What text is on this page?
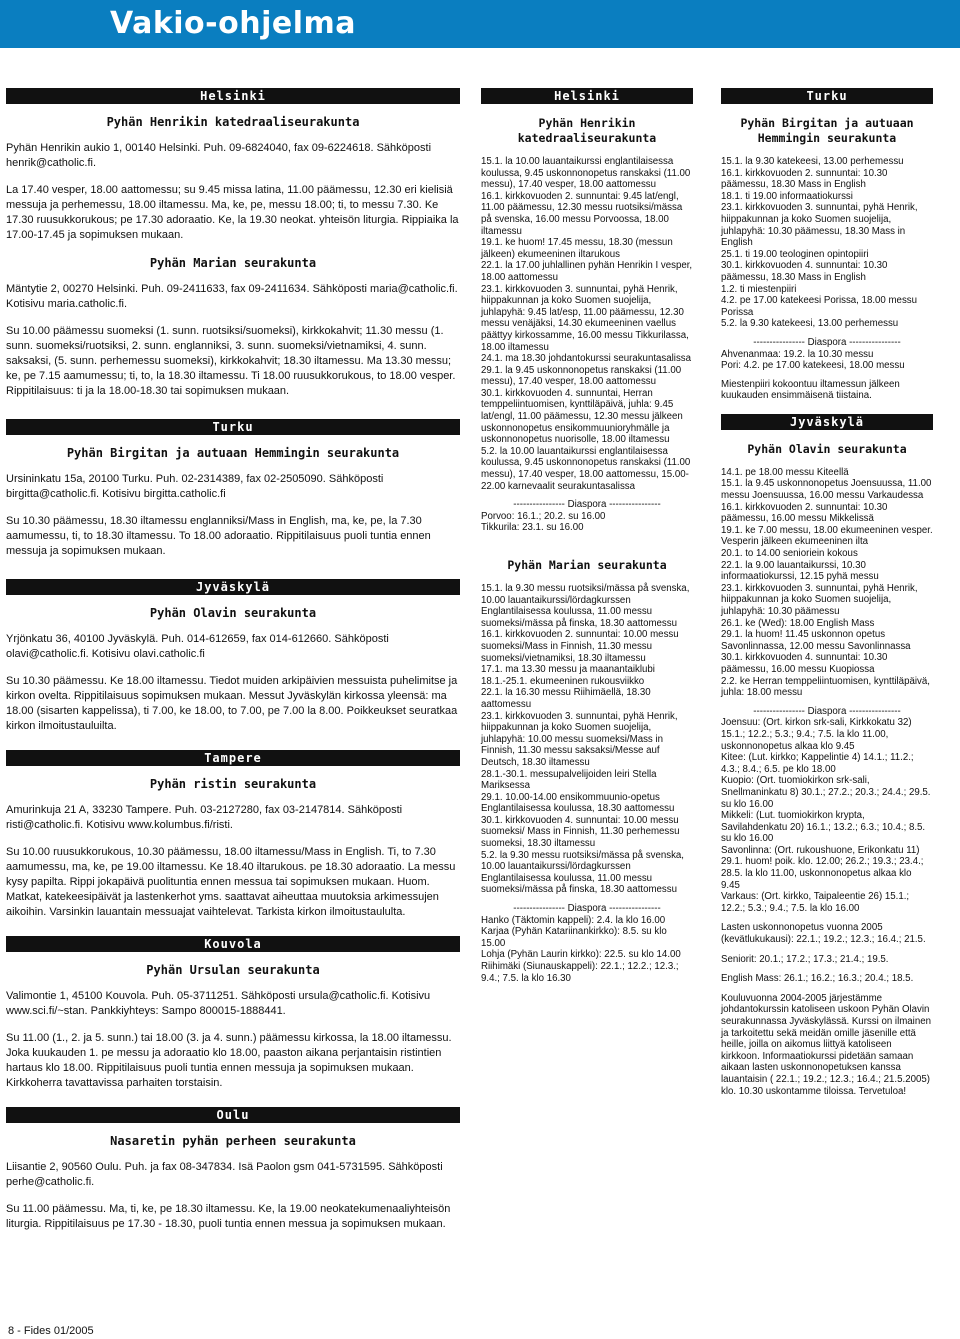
Vakio-ohjelma
Helsinki
Pyhän Henrikin katedraaliseurakunta

Pyhän Henrikin aukio 1, 00140 Helsinki. Puh. 09-6824040, fax 09-6224618. Sähköposti henrik@catholic.fi.

La 17.40 vesper, 18.00 aattomessu; su 9.45 missa latina, 11.00 päämessu, 12.30 eri kielisiä messuja ja perhemessu, 18.00 iltamessu. Ma, ke, pe, messu 18.00; ti, to messu 7.30. Ke 17.30 ruusukkorukous; pe 17.30 adoraatio. Ke, la 19.30 neokat. yhteisön liturgia. Rippiaika la 17.00-17.45 ja sopimuksen mukaan.

Pyhän Marian seurakunta

Mäntytie 2, 00270 Helsinki. Puh. 09-2411633, fax 09-2411634. Sähköposti maria@catholic.fi. Kotisivu maria.catholic.fi.

Su 10.00 päämessu suomeksi (1. sunn. ruotsiksi/suomeksi), kirkkokahvit; 11.30 messu (1. sunn. suomeksi/ruotsiksi, 2. sunn. englanniksi, 3. sunn. suomeksi/vietnamiksi, 4. sunn. saksaksi, (5. sunn. perhemessu suomeksi), kirkkokahvit; 18.30 iltamessu. Ma 13.30 messu; ke, pe 7.15 aamumessu; ti, to, la 18.30 iltamessu. Ti 18.00 ruusukkorukous, to 18.00 vesper. Rippitilaisuus: ti ja la 18.00-18.30 tai sopimuksen mukaan.

Turku
Pyhän Birgitan ja autuaan Hemmingin seurakunta

Ursininkatu 15a, 20100 Turku. Puh. 02-2314389, fax 02-2505090. Sähköposti birgitta@catholic.fi. Kotisivu birgitta.catholic.fi

Su 10.30 päämessu, 18.30 iltamessu englanniksi/Mass in English, ma, ke, pe, la 7.30 aamumessu, ti, to 18.30 iltamessu. To 18.00 adoraatio. Rippitilaisuus puoli tuntia ennen messuja ja sopimuksen mukaan.

Jyväskylä
Pyhän Olavin seurakunta

Yrjönkatu 36, 40100 Jyväskylä. Puh. 014-612659, fax 014-612660. Sähköposti olavi@catholic.fi. Kotisivu olavi.catholic.fi

Su 10.30 päämessu. Ke 18.00 iltamessu. Tiedot muiden arkipäivien messuista puhelimitse ja kirkon ovelta. Rippitilaisuus sopimuksen mukaan. Messut Jyväskylän kirkossa yleensä: ma 18.00 (sisarten kappelissa), ti 7.00, ke 18.00, to 7.00, pe 7.00 la 8.00. Poikkeukset seuratkaa kirkon ilmoitustauluilta.

Tampere
Pyhän ristin seurakunta

Amurinkuja 21 A, 33230 Tampere. Puh. 03-2127280, fax 03-2147814. Sähköposti risti@catholic.fi. Kotisivu www.kolumbus.fi/risti.

Su 10.00 ruusukkorukous, 10.30 päämessu, 18.00 iltamessu/Mass in English. Ti, to 7.30 aamumessu, ma, ke, pe 19.00 iltamessu. Ke 18.40 iltarukous. pe 18.30 adoraatio. La messu kysy papilta. Rippi jokapäivä puolituntia ennen messua tai sopimuksen mukaan. Huom. Matkat, katekeesipäivät ja lastenkerhot yms. saattavat aiheuttaa muutoksia arkimessujen aikoihin. Varsinkin lauantain messuajat vaihtelevat. Tarkista kirkon ilmoitustaululta.

Kouvola
Pyhän Ursulan seurakunta

Valimontie 1, 45100 Kouvola. Puh. 05-3711251. Sähköposti ursula@catholic.fi. Kotisivu www.sci.fi/~stan. Pankkiyhteys: Sampo 800015-1888441.

Su 11.00 (1., 2. ja 5. sunn.) tai 18.00 (3. ja 4. sunn.) päämessu kirkossa, la 18.00 iltamessu. Joka kuukauden 1. pe messu ja adoraatio klo 18.00, paaston aikana perjantaisin ristintien hartaus klo 18.00. Rippitilaisuus puoli tuntia ennen messuja ja sopimuksen mukaan. Kirkkoherra tavattavissa parhaiten torstaisin.

Oulu
Nasaretin pyhän perheen seurakunta

Liisantie 2, 90560 Oulu. Puh. ja fax 08-347834. Isä Paolon gsm 041-5731595. Sähköposti perhe@catholic.fi.

Su 11.00 päämessu. Ma, ti, ke, pe 18.30 iltamessu. Ke, la 19.00 neokatekumenaaliyhteisön liturgia. Rippitilaisuus pe 17.30 - 18.30, puoli tuntia ennen messua ja sopimuksen mukaan.

Helsinki
Pyhän Henrikin katedraaliseurakunta

15.1. la 10.00 lauantaikurssi englantilaisessa koulussa, 9.45 uskonnonopetus ranskaksi (11.00 messu), 17.40 vesper, 18.00 aattomessu

16.1. kirkkovuoden 2. sunnuntai: 9.45 lat/engl, 11.00 päämessu, 12.30 messu ruotsiksi/mässa på svenska, 16.00 messu Porvoossa, 18.00 iltamessu

19.1. ke huom! 17.45 messu, 18.30 (messun jälkeen) ekumeeninen iltarukous

22.1. la 17.00 juhlallinen pyhän Henrikin I vesper, 18.00 aattomessu

23.1. kirkkovuoden 3. sunnuntai, pyhä Henrik, hiippakunnan ja koko Suomen suojelija, juhlapyhä: 9.45 lat/esp, 11.00 päämessu, 12.30 messu venäjäksi, 14.30 ekumeeninen vaellus päättyy kirkossamme, 16.00 messu Tikkurilassa, 18.00 iltamessu

24.1. ma 18.30 johdantokurssi seurakuntasalissa

29.1. la 9.45 uskonnonopetus ranskaksi (11.00 messu), 17.40 vesper, 18.00 aattomessu

30.1. kirkkovuoden 4. sunnuntai, Herran temppeliintuomisen, kynttiläpäivä, juhla: 9.45 lat/engl, 11.00 päämessu, 12.30 messu jälkeen uskonnonopetus ensikommuunioryhmälle ja uskonnonopetus nuorisolle, 18.00 iltamessu

5.2. la 10.00 lauantaikurssi englantilaisessa koulussa, 9.45 uskonnonopetus ranskaksi (11.00 messu), 17.40 vesper, 18.00 aattomessu, 15.00-22.00 karnevaalit seurakuntasalissa

---------------- Diaspora ----------------

Porvoo: 16.1.; 20.2. su 16.00

Tikkurila: 23.1. su 16.00

Pyhän Marian seurakunta

15.1. la 9.30 messu ruotsiksi/mässa på svenska, 10.00 lauantaikurssi/lördagkurssen Englantilaisessa koulussa, 11.00 messu suomeksi/mässa på finska, 18.30 aattomessu

16.1. kirkkovuoden 2. sunnuntai: 10.00 messu suomeksi/Mass in Finnish, 11.30 messu suomeksi/vietnamiksi, 18.30 iltamessu

17.1. ma 13.30 messu ja maanantaiklubi

18.1.-25.1. ekumeeninen rukousviikko

22.1. la 16.30 messu Riihimäellä, 18.30 aattomessu

23.1. kirkkovuoden 3. sunnuntai, pyhä Henrik, hiippakunnan ja koko Suomen suojelija, juhlapyhä: 10.00 messu suomeksi/Mass in Finnish, 11.30 messu saksaksi/Messe auf Deutsch, 18.30 iltamessu

28.1.-30.1. messupalvelijoiden leiri Stella Mariksessa

29.1. 10.00-14.00 ensikommuunio-opetus Englantilaisessa koulussa, 18.30 aattomessu

30.1. kirkkovuoden 4. sunnuntai: 10.00 messu suomeksi/ Mass in Finnish, 11.30 perhemessu suomeksi, 18.30 iltamessu

5.2. la 9.30 messu ruotsiksi/mässa på svenska, 10.00 lauantaikurssi/lördagkurssen Englantilaisessa koulussa, 11.00 messu suomeksi/mässa på finska, 18.30 aattomessu

---------------- Diaspora ----------------

Hanko (Täktomin kappeli): 2.4. la klo 16.00

Karjaa (Pyhän Katariinankirkko): 8.5. su klo 15.00

Lohja (Pyhän Laurin kirkko): 22.5. su klo 14.00

Riihimäki (Siunauskappeli): 22.1.; 12.2.; 12.3.; 9.4.; 7.5. la klo 16.30

Turku
Pyhän Birgitan ja autuaan Hemmingin seurakunta

15.1. la 9.30 katekeesi, 13.00 perhemessu

16.1. kirkkovuoden 2. sunnuntai: 10.30 päämessu, 18.30 Mass in English

18.1. ti 19.00 informaatiokurssi

23.1. kirkkovuoden 3. sunnuntai, pyhä Henrik, hiippakunnan ja koko Suomen suojelija, juhlapyhä: 10.30 päämessu, 18.30 Mass in English

25.1. ti 19.00 teologinen opintopiiri

30.1. kirkkovuoden 4. sunnuntai: 10.30 päämessu, 18.30 Mass in English

1.2. ti miestenpiiri

4.2. pe 17.00 katekeesi Porissa, 18.00 messu Porissa

5.2. la 9.30 katekeesi, 13.00 perhemessu

---------------- Diaspora ----------------

Ahvenanmaa: 19.2. la 10.30 messu

Pori: 4.2. pe 17.00 katekeesi, 18.00 messu

Miestenpiiri kokoontuu iltamessun jälkeen kuukauden ensimmäisenä tiistaina.

Jyväskylä
Pyhän Olavin seurakunta

14.1. pe 18.00 messu Kiteellä

15.1. la 9.45 uskonnonopetus Joensuussa, 11.00 messu Joensuussa, 16.00 messu Varkaudessa

16.1. kirkkovuoden 2. sunnuntai: 10.30 päämessu, 16.00 messu Mikkelissä

19.1. ke 7.00 messu, 18.00 ekumeeninen vesper. Vesperin jälkeen ekumeeninen ilta

20.1. to 14.00 senioriein kokous

22.1. la 9.00 lauantaikurssi, 10.30 informaatiokurssi, 12.15 pyhä messu

23.1. kirkkovuoden 3. sunnuntai, pyhä Henrik, hiippakunnan ja koko Suomen suojelija, juhlapyhä: 10.30 päämessu

26.1. ke (Wed): 18.00 English Mass

29.1. la huom! 11.45 uskonnon opetus Savonlinnassa, 12.00 messu Savonlinnassa

30.1. kirkkovuoden 4. sunnuntai: 10.30 päämessu, 16.00 messu Kuopiossa

2.2. ke Herran temppeliintuomisen, kynttiläpäivä, juhla: 18.00 messu

---------------- Diaspora ----------------

Joensuu: (Ort. kirkon srk-sali, Kirkkokatu 32) 15.1.; 12.2.; 5.3.; 9.4.; 7.5. la klo 11.00, uskonnonopetus alkaa klo 9.45

Kitee: (Lut. kirkko; Kappelintie 4) 14.1.; 11.2.; 4.3.; 8.4.; 6.5. pe klo 18.00

Kuopio: (Ort. tuomiokirkon srk-sali, Snellmaninkatu 8) 30.1.; 27.2.; 20.3.; 24.4.; 29.5. su klo 16.00

Mikkeli: (Lut. tuomiokirkon krypta, Savilahdenkatu 20) 16.1.; 13.2.; 6.3.; 10.4.; 8.5. su klo 16.00

Savonlinna: (Ort. rukoushuone, Erikonkatu 11) 29.1. huom! poik. klo. 12.00; 26.2.; 19.3.; 23.4.; 28.5. la klo 11.00, uskonnonopetus alkaa klo 9.45

Varkaus: (Ort. kirkko, Taipaleentie 26) 15.1.; 12.2.; 5.3.; 9.4.; 7.5. la klo 16.00

Lasten uskonnonopetus vuonna 2005 (kevätlukukausi): 22.1.; 19.2.; 12.3.; 16.4.; 21.5.

Seniorit: 20.1.; 17.2.; 17.3.; 21.4.; 19.5.

English Mass: 26.1.; 16.2.; 16.3.; 20.4.; 18.5.

Kouluvuonna 2004-2005 järjestämme johdantokurssin katoliseen uskoon Pyhän Olavin seurakunnassa Jyväskylässä. Kurssi on ilmainen ja tarkoitettu sekä meidän omille jäsenille että heille, joilla on aikomus liittyä katoliseen kirkkoon. Informaatiokurssi pidetään samaan aikaan lasten uskonnonopetuksen kanssa lauantaisin ( 22.1.; 19.2.; 12.3.; 16.4.; 21.5.2005) klo. 10.30 uskontamme tiloissa. Tervetuloa!

8 - Fides 01/2005
